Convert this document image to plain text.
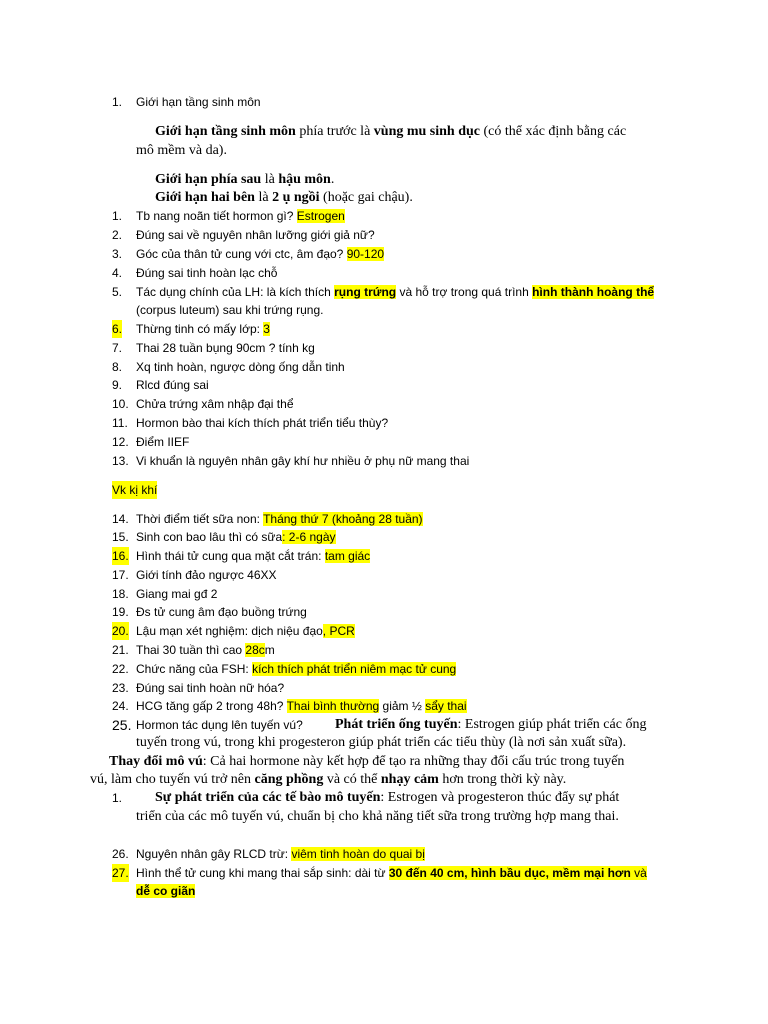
1. Giới hạn tầng sinh môn
Giới hạn tầng sinh môn phía trước là vùng mu sinh dục (có thể xác định bằng các
mô mềm và da).
Giới hạn phía sau là hậu môn.
Giới hạn hai bên là 2 ụ ngồi (hoặc gai chậu).
1. Tb nang noãn tiết hormon gì? Estrogen
2. Đúng sai về nguyên nhân lưỡng giới giả nữ?
3. Góc của thân tử cung với ctc, âm đạo? 90-120
4. Đúng sai tinh hoàn lạc chỗ
5. Tác dụng chính của LH: là kích thích rụng trứng và hỗ trợ trong quá trình hình thành hoàng thể
(corpus luteum) sau khi trứng rụng.
6. Thừng tinh có mấy lớp: 3
7. Thai 28 tuần bụng 90cm ? tính kg
8. Xq tinh hoàn, ngược dòng ống dẫn tinh
9. Rlcd đúng sai
10. Chửa trứng xâm nhập đại thể
11. Hormon bào thai kích thích phát triển tiểu thùy?
12. Điểm IIEF
13. Vi khuẩn là nguyên nhân gây khí hư nhiều ở phụ nữ mang thai
Vk kị khí
14. Thời điểm tiết sữa non: Tháng thứ 7 (khoảng 28 tuần)
15. Sinh con bao lâu thì có sữa: 2-6 ngày
16. Hình thái tử cung qua mặt cắt trán: tam giác
17. Giới tính đảo ngược 46XX
18. Giang mai gđ 2
19. Đs tử cung âm đạo buồng trứng
20. Lậu mạn xét nghiệm: dịch niệu đạo, PCR
21. Thai 30 tuần thì cao 28cm
22. Chức năng của FSH: kích thích phát triển niêm mạc tử cung
23. Đúng sai tinh hoàn nữ hóa?
24. HCG tăng gấp 2 trong 48h? Thai bình thường giảm ½ sẩy thai
25. Hormon tác dụng lên tuyến vú? Phát triển ống tuyến: Estrogen giúp phát triển các ống
tuyến trong vú, trong khi progesteron giúp phát triển các tiểu thùy (là nơi sản xuất sữa).
Thay đổi mô vú: Cả hai hormone này kết hợp để tạo ra những thay đổi cấu trúc trong tuyến
vú, làm cho tuyến vú trở nên căng phồng và có thể nhạy cảm hơn trong thời kỳ này.
1. Sự phát triển của các tế bào mô tuyến: Estrogen và progesteron thúc đẩy sự phát
triển của các mô tuyến vú, chuẩn bị cho khả năng tiết sữa trong trường hợp mang thai.
26. Nguyên nhân gây RLCD trừ: viêm tinh hoàn do quai bị
27. Hình thể tử cung khi mang thai sắp sinh: dài từ 30 đến 40 cm, hình bầu dục, mềm mại hơn và
dễ co giãn
